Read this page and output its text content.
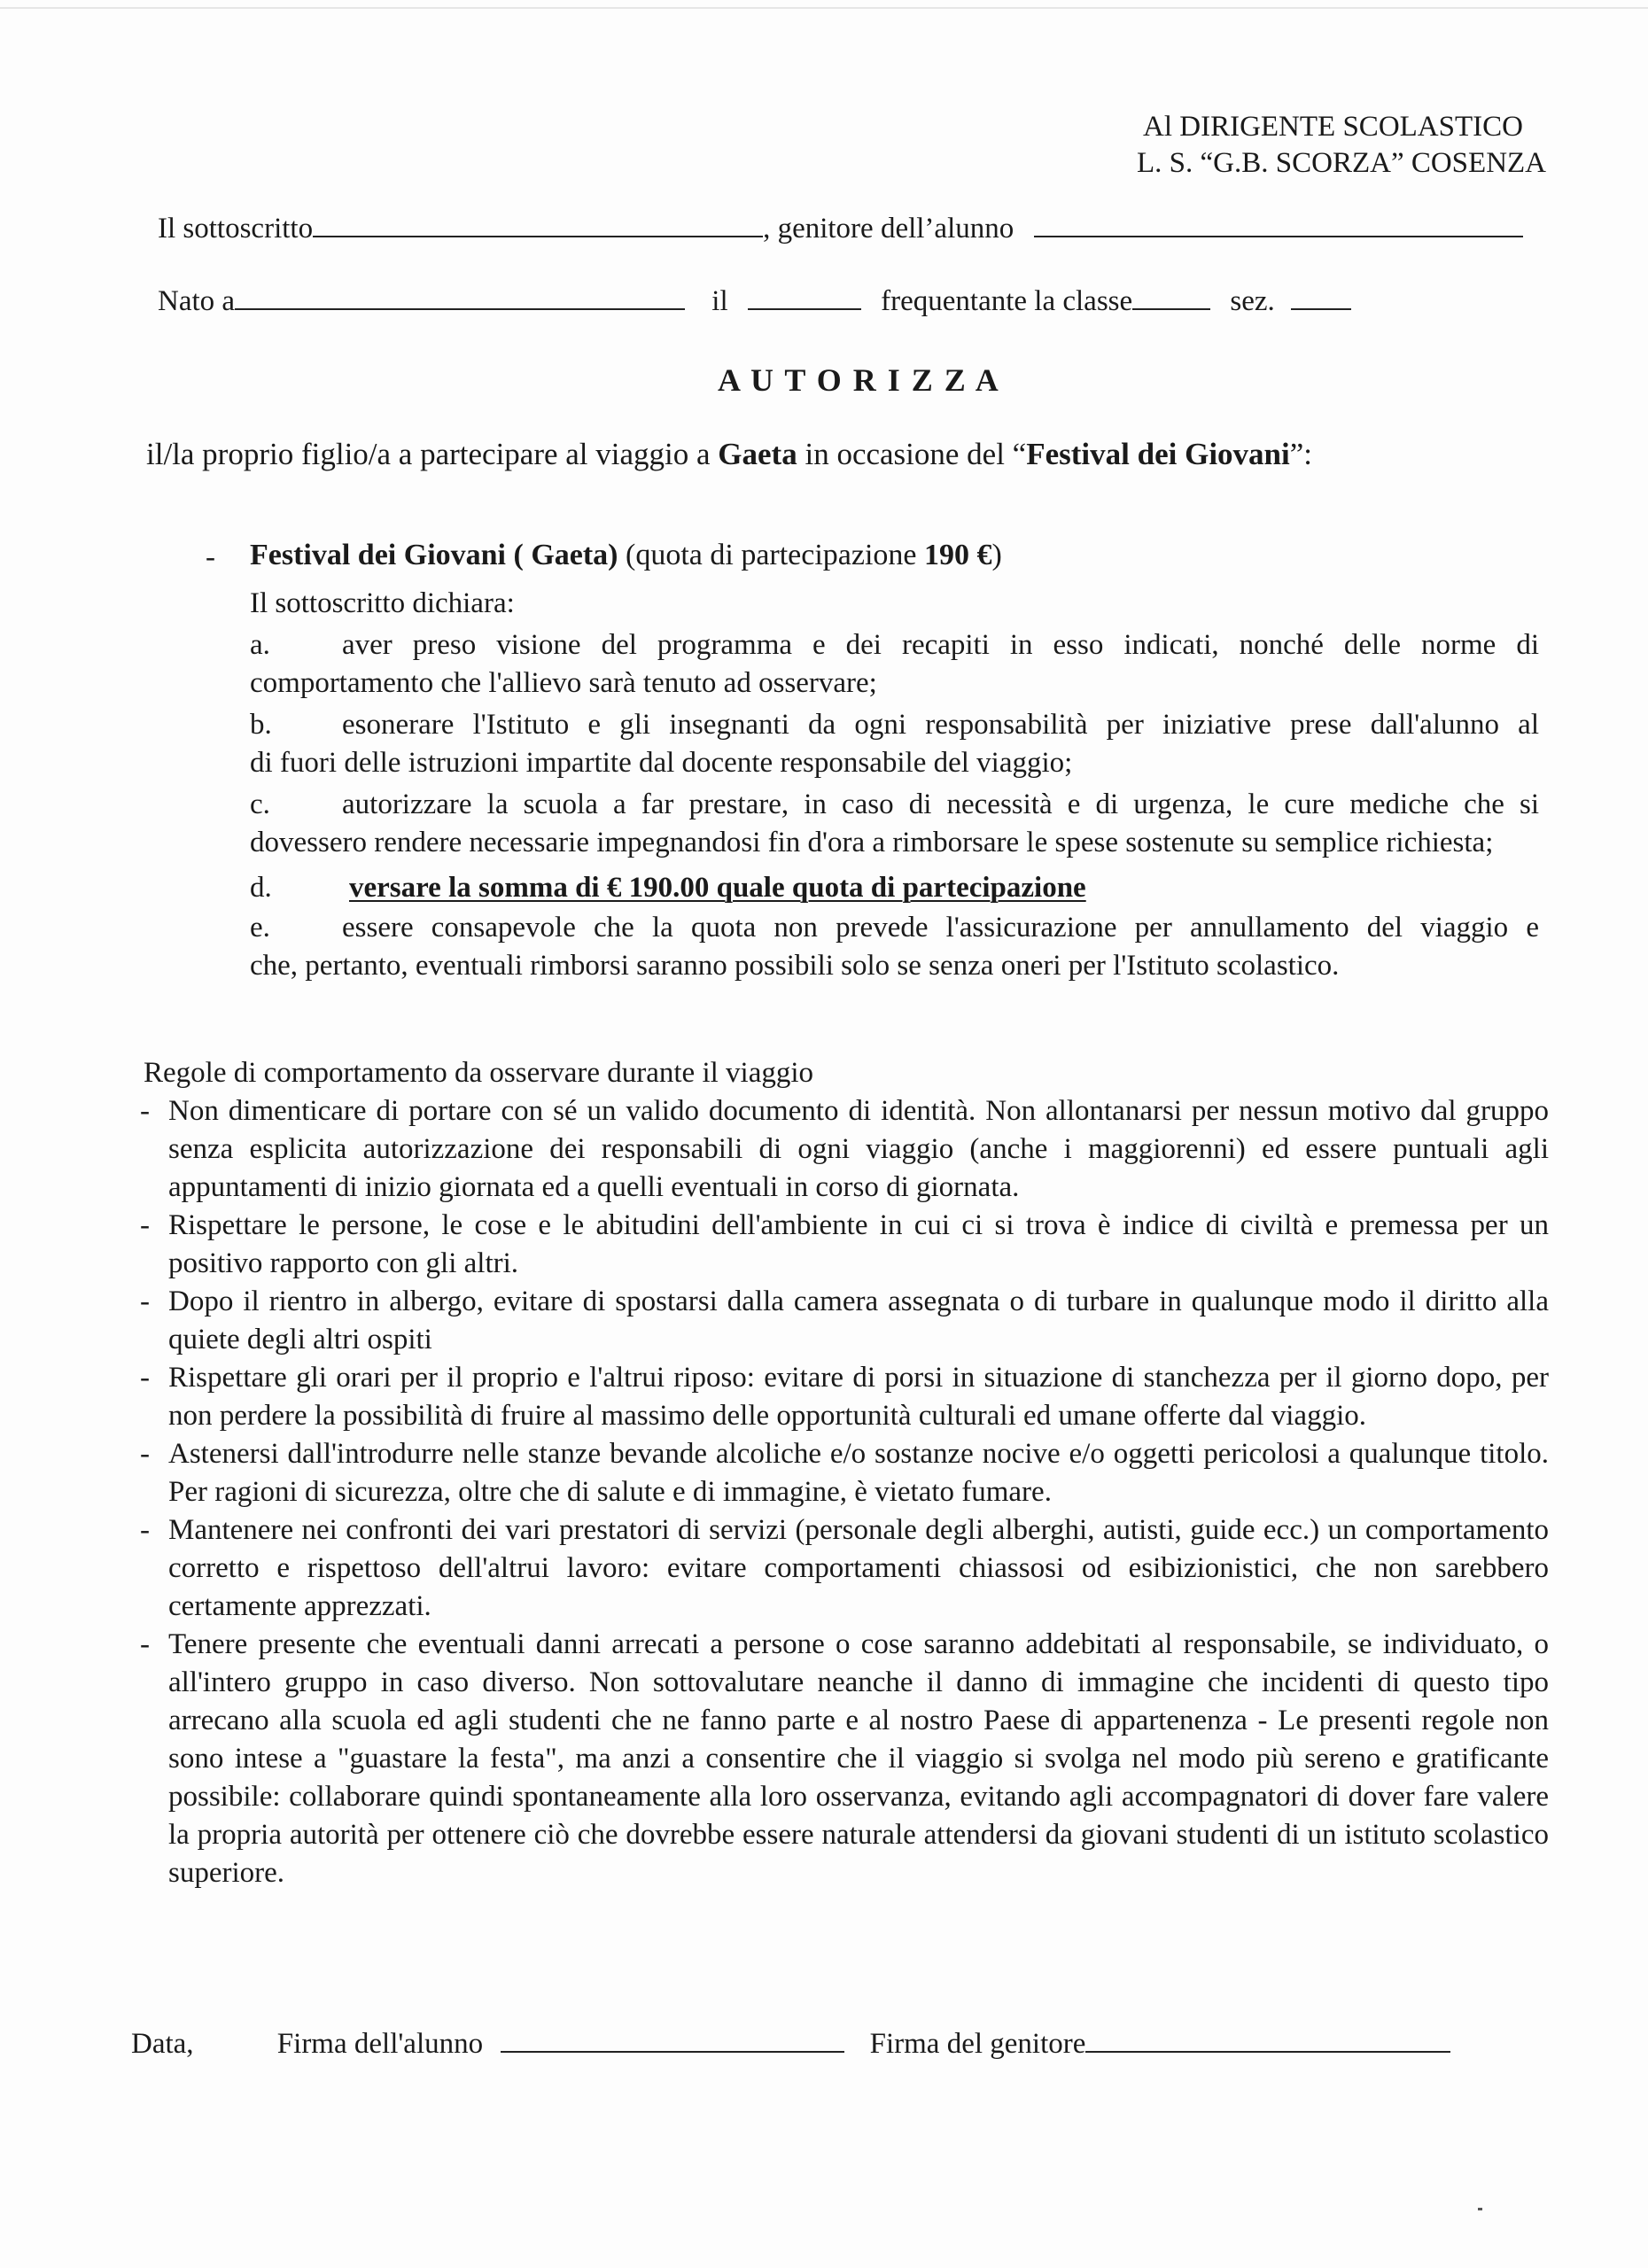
Al DIRIGENTE SCOLASTICO
L. S. “G.B. SCORZA” COSENZA
Il sottoscritto	, genitore dell’alunno
Nato a	il	frequentante la classe	sez.
A U T O R I Z Z A
il/la proprio figlio/a a partecipare al viaggio a Gaeta in occasione del “Festival dei Giovani”:
- Festival dei Giovani ( Gaeta) (quota di partecipazione 190 €)
Il sottoscritto dichiara:
a.	aver preso visione del programma e dei recapiti in esso indicati, nonché delle norme di

comportamento che l'allievo sarà tenuto ad osservare;

b.	esonerare l'Istituto e gli insegnanti da ogni responsabilità per iniziative prese dall'alunno al

di fuori delle istruzioni impartite dal docente responsabile del viaggio;

c.	autorizzare la scuola a far prestare, in caso di necessità e di urgenza, le cure mediche che si

dovessero rendere necessarie impegnandosi fin d'ora a rimborsare le spese sostenute su semplice richiesta;

d.	versare la somma di € 190.00 quale quota di partecipazione
e.	essere consapevole che la quota non prevede l'assicurazione per annullamento del viaggio e

che, pertanto, eventuali rimborsi saranno possibili solo se senza oneri per l'Istituto scolastico.

Regole di comportamento da osservare durante il viaggio

- Non dimenticare di portare con sé un valido documento di identità. Non allontanarsi per nessun motivo dal gruppo senza esplicita autorizzazione dei responsabili di ogni viaggio (anche i maggiorenni) ed essere puntuali agli appuntamenti di inizio giornata ed a quelli eventuali in corso di giornata.

- Rispettare le persone, le cose e le abitudini dell'ambiente in cui ci si trova è indice di civiltà e premessa per un positivo rapporto con gli altri.

- Dopo il rientro in albergo, evitare di spostarsi dalla camera assegnata o di turbare in qualunque modo il diritto alla quiete degli altri ospiti

- Rispettare gli orari per il proprio e l'altrui riposo: evitare di porsi in situazione di stanchezza per il giorno dopo, per non perdere la possibilità di fruire al massimo delle opportunità culturali ed umane offerte dal viaggio.

- Astenersi dall'introdurre nelle stanze bevande alcoliche e/o sostanze nocive e/o oggetti pericolosi a qualunque titolo. Per ragioni di sicurezza, oltre che di salute e di immagine, è vietato fumare.

- Mantenere nei confronti dei vari prestatori di servizi (personale degli alberghi, autisti, guide ecc.) un comportamento corretto e rispettoso dell'altrui lavoro: evitare comportamenti chiassosi od esibizionistici, che non sarebbero certamente apprezzati.

- Tenere presente che eventuali danni arrecati a persone o cose saranno addebitati al responsabile, se individuato, o all'intero gruppo in caso diverso. Non sottovalutare neanche il danno di immagine che incidenti di questo tipo arrecano alla scuola ed agli studenti che ne fanno parte e al nostro Paese di appartenenza - Le presenti regole non sono intese a "guastare la festa", ma anzi a consentire che il viaggio si svolga nel modo più sereno e gratificante possibile: collaborare quindi spontaneamente alla loro osservanza, evitando agli accompagnatori di dover fare valere la propria autorità per ottenere ciò che dovrebbe essere naturale attendersi da giovani studenti di un istituto scolastico superiore.

Data,	Firma dell'alunno	Firma del genitore
